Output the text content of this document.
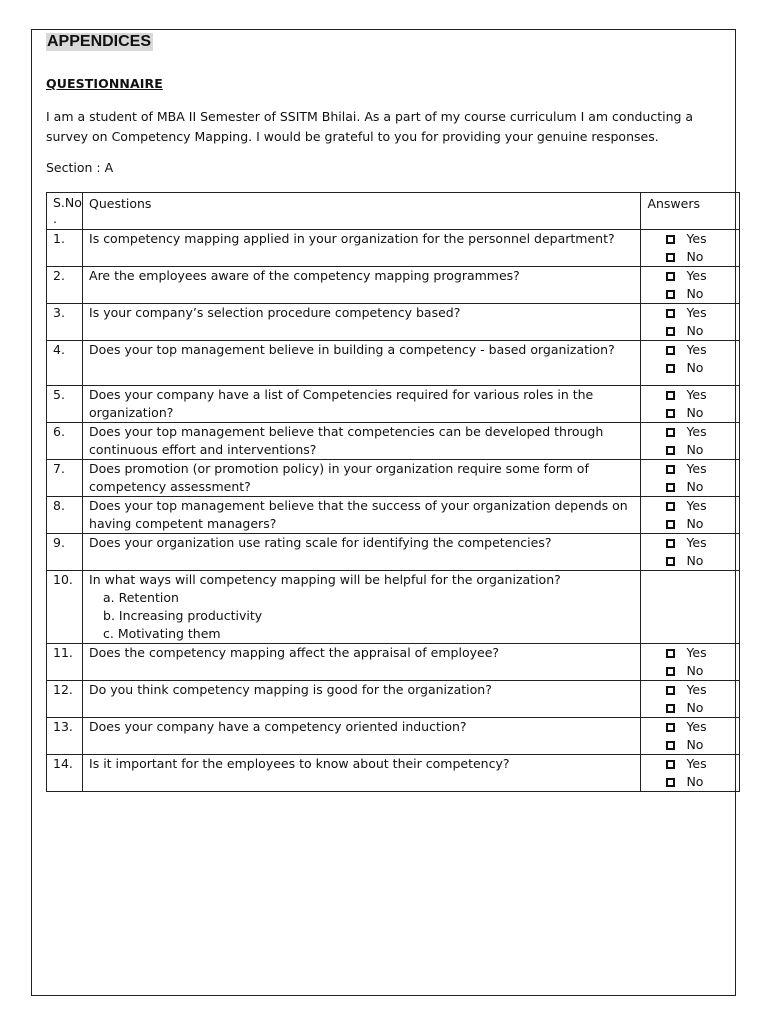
APPENDICES
QUESTIONNAIRE
I am a student of MBA II Semester of SSITM Bhilai. As a part of my course curriculum I am conducting a survey on Competency Mapping. I would be grateful to you for providing your genuine responses.
Section : A
S.No .	Questions	Answers
1.	Is competency mapping applied in your organization for the personnel department?	Yes
No

2.	Are the employees aware of the competency mapping programmes?	Yes
No

3.	Is your company’s selection procedure competency based?	Yes
No

4.	Does your top management believe in building a competency - based organization?	Yes
No

5.	Does your company have a list of Competencies required for various roles in the organization?	Yes
No

6.	Does your top management believe that competencies can be developed through continuous effort and interventions?	Yes
No

7.	Does promotion (or promotion policy) in your organization require some form of competency assessment?	Yes
No

8.	Does your top management believe that the success of your organization depends on having competent managers?	Yes
No

9.	Does your organization use rating scale for identifying the competencies?	Yes
No

10.	In what ways will competency mapping will be helpful for the organization?
a. Retention
b. Increasing productivity
c. Motivating them	

11.	Does the competency mapping affect the appraisal of employee?	Yes
No

12.	Do you think competency mapping is good for the organization?	Yes
No

13.	Does your company have a competency oriented induction?	Yes
No

14.	Is it important for the employees to know about their competency?	Yes
No
